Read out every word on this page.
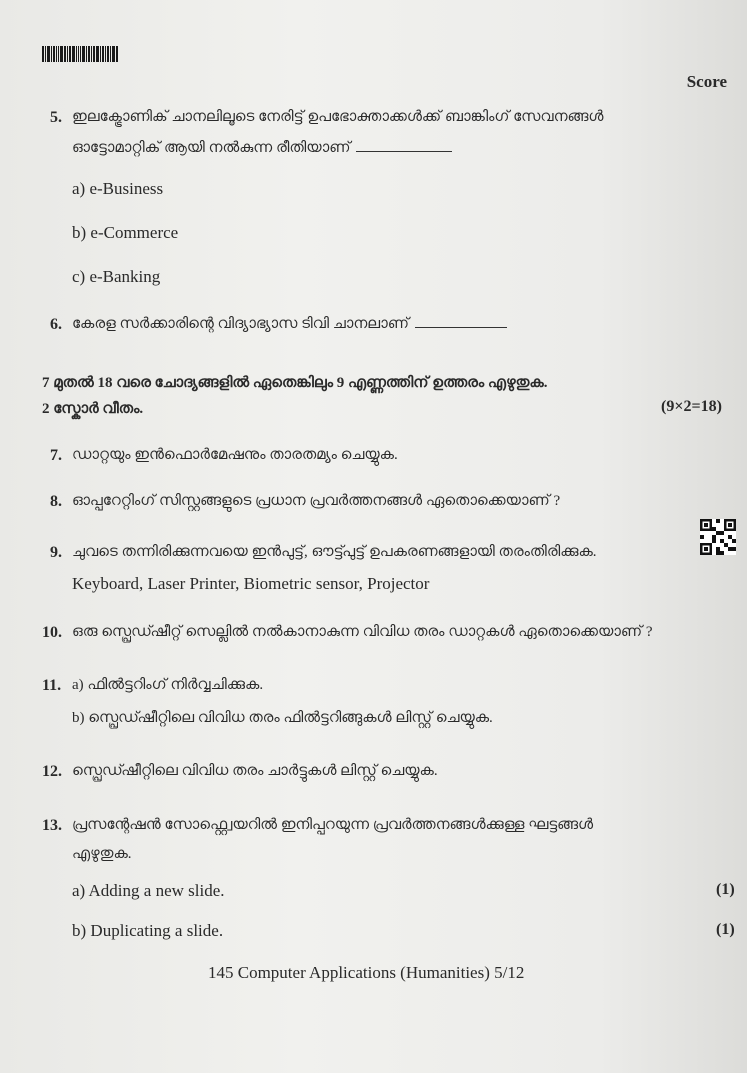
Score
5. ഇലക്ട്രോണിക് ചാനലിലൂടെ നേരിട്ട് ഉപഭോക്താക്കൾക്ക് ബാങ്കിംഗ് സേവനങ്ങൾ
ഓട്ടോമാറ്റിക് ആയി നൽകുന്ന രീതിയാണ്
a) e-Business
b) e-Commerce
c) e-Banking
6. കേരള സർക്കാരിന്റെ വിദ്യാഭ്യാസ ടിവി ചാനലാണ്
7 മുതൽ 18 വരെ ചോദ്യങ്ങളിൽ ഏതെങ്കിലും 9 എണ്ണത്തിന് ഉത്തരം എഴുതുക.
2 സ്കോർ വീതം.	(9×2=18)
7. ഡാറ്റയും ഇൻഫൊർമേഷനും താരതമ്യം ചെയ്യുക.
8. ഓപ്പറേറ്റിംഗ് സിസ്റ്റങ്ങളുടെ പ്രധാന പ്രവർത്തനങ്ങൾ ഏതൊക്കെയാണ് ?
9. ചുവടെ തന്നിരിക്കുന്നവയെ ഇൻപുട്ട്, ഔട്ട്പുട്ട് ഉപകരണങ്ങളായി തരംതിരിക്കുക.
Keyboard, Laser Printer, Biometric sensor, Projector
10. ഒരു സ്പ്രെഡ്ഷീറ്റ് സെല്ലിൽ നൽകാനാകുന്ന വിവിധ തരം ഡാറ്റകൾ ഏതൊക്കെയാണ് ?
11. a) ഫിൽട്ടറിംഗ് നിർവ്വചിക്കുക.
b) സ്പ്രെഡ്ഷീറ്റിലെ വിവിധ തരം ഫിൽട്ടറിങ്ങുകൾ ലിസ്റ്റ് ചെയ്യുക.
12. സ്പ്രെഡ്ഷീറ്റിലെ വിവിധ തരം ചാർട്ടുകൾ ലിസ്റ്റ് ചെയ്യുക.
13. പ്രസന്റേഷൻ സോഫ്റ്റ്വെയറിൽ ഇനിപ്പറയുന്ന പ്രവർത്തനങ്ങൾക്കുള്ള ഘട്ടങ്ങൾ
എഴുതുക.
a) Adding a new slide.	(1)
b) Duplicating a slide.	(1)
145 Computer Applications (Humanities) 5/12
